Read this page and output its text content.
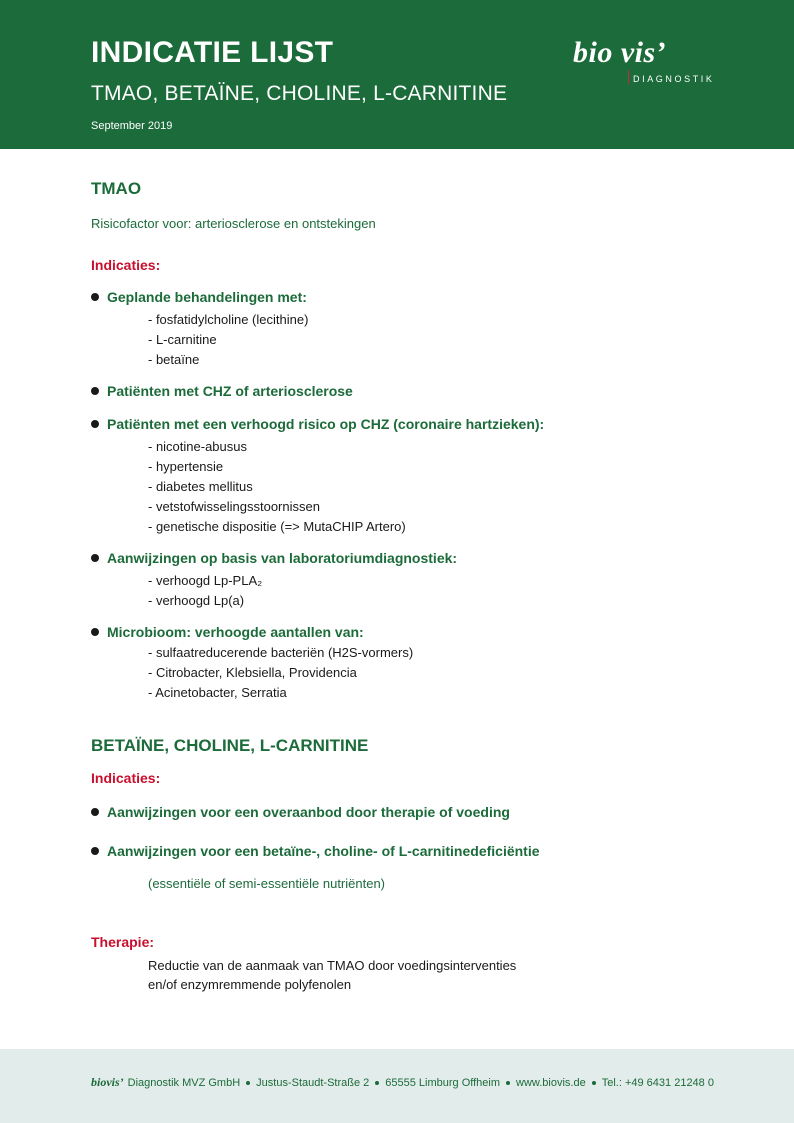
INDICATIE LIJST
TMAO, BETAÏNE, CHOLINE, L-CARNITINE
September 2019
bio vis’
DIAGNOSTIK
TMAO
Risicofactor voor: arteriosclerose en ontstekingen
Indicaties:
Geplande behandelingen met:
- fosfatidylcholine (lecithine)
- L-carnitine
- betaïne
Patiënten met CHZ of arteriosclerose
Patiënten met een verhoogd risico op CHZ (coronaire hartzieken):
- nicotine-abusus
- hypertensie
- diabetes mellitus
- vetstofwisselingsstoornissen
- genetische dispositie (=> MutaCHIP Artero)
Aanwijzingen op basis van laboratoriumdiagnostiek:
- verhoogd Lp-PLA₂
- verhoogd Lp(a)
Microbioom: verhoogde aantallen van:
- sulfaatreducerende bacteriën (H2S-vormers)
- Citrobacter, Klebsiella, Providencia
- Acinetobacter, Serratia
BETAÏNE, CHOLINE, L-CARNITINE
Indicaties:
Aanwijzingen voor een overaanbod door therapie of voeding
Aanwijzingen voor een betaïne-, choline- of L-carnitinedeficiëntie
(essentiële of semi-essentiële nutriënten)
Therapie:
Reductie van de aanmaak van TMAO door voedingsinterventies
en/of enzymremmende polyfenolen
biovis’ Diagnostik MVZ GmbH Justus-Staudt-Straße 2 65555 Limburg Offheim www.biovis.de Tel.: +49 6431 21248 0
